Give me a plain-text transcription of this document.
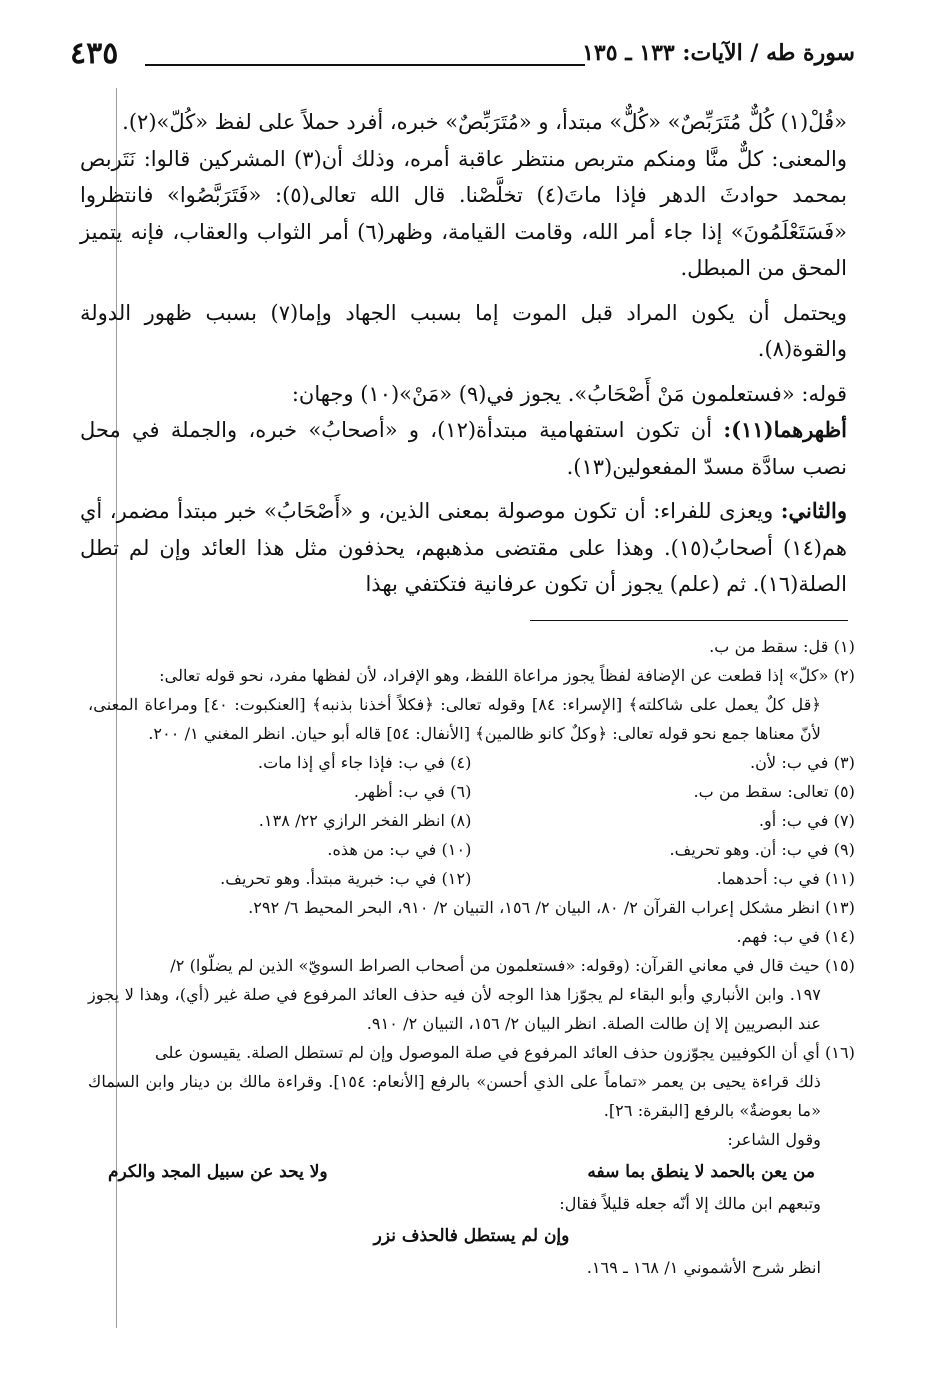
سورة طه / الآيات: ١٣٣ ـ ١٣٥
٤٣٥

«قُلْ(١) كُلٌّ مُتَرَبِّصٌ» «كُلٌّ» مبتدأ، و «مُتَرَبِّصٌ» خبره، أفرد حملاً على لفظ «كُلّ»(٢).

والمعنى: كلٌّ منَّا ومنكم متربص منتظر عاقبة أمره، وذلك أن(٣) المشركين قالوا: نَتَربص بمحمد حوادثَ الدهر فإذا ماتَ(٤) تخلَّصْنا. قال الله تعالى(٥): «فَتَرَبَّصُوا» فانتظروا «فَسَتَعْلَمُونَ» إذا جاء أمر الله، وقامت القيامة، وظهر(٦) أمر الثواب والعقاب، فإنه يتميز المحق من المبطل.

ويحتمل أن يكون المراد قبل الموت إما بسبب الجهاد وإما(٧) بسبب ظهور الدولة والقوة(٨).

قوله: «فستعلمون مَنْ أَصْحَابُ». يجوز في(٩) «مَنْ»(١٠) وجهان:

أظهرهما(١١): أن تكون استفهامية مبتدأة(١٢)، و «أصحابُ» خبره، والجملة في محل نصب سادَّة مسدّ المفعولين(١٣).

والثاني: ويعزى للفراء: أن تكون موصولة بمعنى الذين، و «أَصْحَابُ» خبر مبتدأ مضمر، أي هم(١٤) أصحابُ(١٥). وهذا على مقتضى مذهبهم، يحذفون مثل هذا العائد وإن لم تطل الصلة(١٦). ثم (علم) يجوز أن تكون عرفانية فتكتفي بهذا

(١) قل: سقط من ب.

(٢) «كلّ» إذا قطعت عن الإضافة لفظاً يجوز مراعاة اللفظ، وهو الإفراد، لأن لفظها مفرد، نحو قوله تعالى:
﴿قل كلٌ يعمل على شاكلته﴾ [الإسراء: ٨٤] وقوله تعالى: ﴿فكلاً أخذنا بذنبه﴾ [العنكبوت: ٤٠] ومراعاة المعنى، لأنّ معناها جمع نحو قوله تعالى: ﴿وكلٌ كانو ظالمين﴾ [الأنفال: ٥٤] قاله أبو حيان. انظر المغني ١/ ٢٠٠.

(٣) في ب: لأن.
(٤) في ب: فإذا جاء أي إذا مات.
(٥) تعالى: سقط من ب.
(٦) في ب: أظهر.
(٧) في ب: أو.
(٨) انظر الفخر الرازي ٢٢/ ١٣٨.
(٩) في ب: أن. وهو تحريف.
(١٠) في ب: من هذه.
(١١) في ب: أحدهما.
(١٢) في ب: خبرية مبتدأ. وهو تحريف.

(١٣) انظر مشكل إعراب القرآن ٢/ ٨٠، البيان ٢/ ١٥٦، التبيان ٢/ ٩١٠، البحر المحيط ٦/ ٢٩٢.

(١٤) في ب: فهم.

(١٥) حيث قال في معاني القرآن: (وقوله: «فستعلمون من أصحاب الصراط السويّ» الذين لم يضلّوا) ٢/
١٩٧. وابن الأنباري وأبو البقاء لم يجوّزا هذا الوجه لأن فيه حذف العائد المرفوع في صلة غير (أي)، وهذا لا يجوز عند البصريين إلا إن طالت الصلة. انظر البيان ٢/ ١٥٦، التبيان ٢/ ٩١٠.

(١٦) أي أن الكوفيين يجوّزون حذف العائد المرفوع في صلة الموصول وإن لم تستطل الصلة. يقيسون على
ذلك قراءة يحيى بن يعمر «تماماً على الذي أحسن» بالرفع [الأنعام: ١٥٤]. وقراءة مالك بن دينار وابن السماك «ما بعوضةٌ» بالرفع [البقرة: ٢٦].
وقول الشاعر:

من يعن بالحمد لا ينطق بما سفه
ولا يحد عن سبيل المجد والكرم

وتبعهم ابن مالك إلا أنّه جعله قليلاً فقال:

وإن لم يستطل فالحذف نزر

انظر شرح الأشموني ١/ ١٦٨ ـ ١٦٩.
